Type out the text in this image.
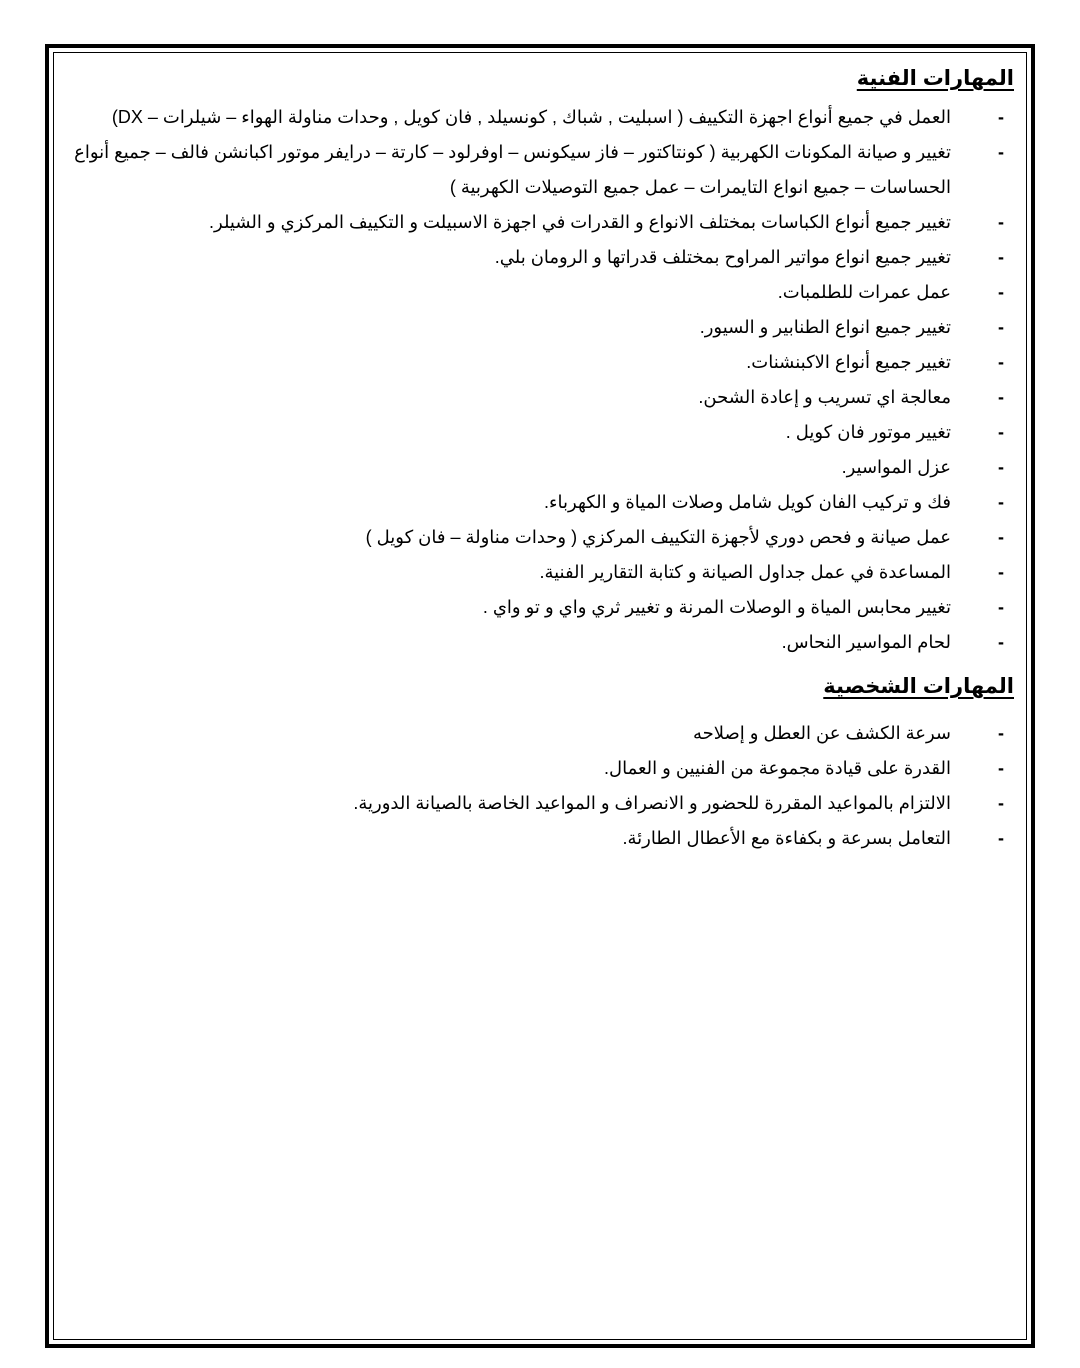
المهارات الفنية
-
العمل في جميع أنواع اجهزة التكييف ( اسبليت , شباك , كونسيلد , فان كويل , وحدات مناولة الهواء – شيلرات – DX)
-
تغيير و صيانة المكونات الكهربية ( كونتاكتور – فاز سيكونس – اوفرلود – كارتة – درايفر موتور اكبانشن فالف – جميع أنواع الحساسات – جميع انواع التايمرات – عمل جميع التوصيلات الكهربية )
-
تغيير جميع أنواع الكباسات بمختلف الانواع و القدرات في اجهزة الاسبيلت و التكييف المركزي و الشيلر.
-
تغيير جميع انواع مواتير المراوح بمختلف قدراتها و الرومان بلي.
-
عمل عمرات للطلمبات.
-
تغيير جميع انواع الطنابير و السيور.
-
تغيير جميع أنواع الاكبنشنات.
-
معالجة اي تسريب و إعادة الشحن.
-
تغيير موتور فان كويل .
-
عزل المواسير.
-
فك و تركيب الفان كويل شامل وصلات المياة و الكهرباء.
-
عمل صيانة و فحص دوري لأجهزة التكييف المركزي ( وحدات مناولة – فان كويل )
-
المساعدة في عمل جداول الصيانة و كتابة التقارير الفنية.
-
تغيير محابس المياة و الوصلات المرنة و تغيير ثري واي و تو واي .
-
لحام المواسير النحاس.
المهارات الشخصية
-
سرعة الكشف عن العطل و إصلاحه
-
القدرة على قيادة مجموعة من الفنيين و العمال.
-
الالتزام بالمواعيد المقررة للحضور و الانصراف و المواعيد الخاصة بالصيانة الدورية.
-
التعامل بسرعة و بكفاءة مع الأعطال الطارئة.
